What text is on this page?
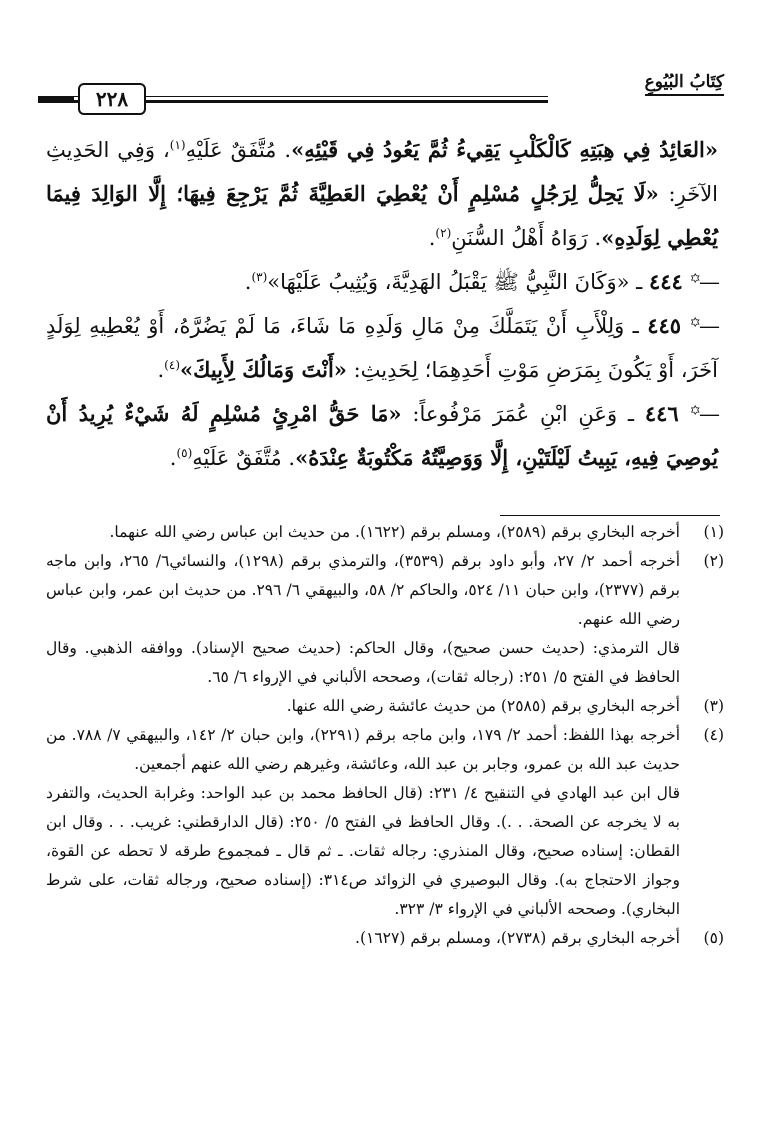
كِتَابُ البُيُوعِ
٢٢٨

«العَائِدُ فِي هِبَتِهِ كَالْكَلْبِ يَقِيءُ ثُمَّ يَعُودُ فِي قَيْئِهِ». مُتَّفَقٌ عَلَيْهِ$^{(١)}$، وَفِي الحَدِيثِ الآخَرِ: «لَا يَحِلُّ لِرَجُلٍ مُسْلِمٍ أَنْ يُعْطِيَ العَطِيَّةَ ثُمَّ يَرْجِعَ فِيهَا؛ إِلَّا الوَالِدَ فِيمَا يُعْطِي لِوَلَدِهِ». رَوَاهُ أَهْلُ السُّنَنِ$^{(٢)}$.

—꙳ ٤٤٤ ـ «وَكَانَ النَّبِيُّ ﷺ يَقْبَلُ الهَدِيَّةَ، وَيُثِيبُ عَلَيْهَا»$^{(٣)}$.

—꙳ ٤٤٥ ـ وَلِلْأَبِ أَنْ يَتَمَلَّكَ مِنْ مَالِ وَلَدِهِ مَا شَاءَ، مَا لَمْ يَضُرَّهُ، أَوْ يُعْطِيهِ لِوَلَدٍ آخَرَ، أَوْ يَكُونَ بِمَرَضِ مَوْتِ أَحَدِهِمَا؛ لِحَدِيثِ: «أَنْتَ وَمَالُكَ لِأَبِيكَ»$^{(٤)}$.

—꙳ ٤٤٦ ـ وَعَنِ ابْنِ عُمَرَ مَرْفُوعاً: «مَا حَقُّ امْرِئٍ مُسْلِمٍ لَهُ شَيْءٌ يُرِيدُ أَنْ يُوصِيَ فِيهِ، يَبِيتُ لَيْلَتَيْنِ، إِلَّا وَوَصِيَّتُهُ مَكْتُوبَةٌ عِنْدَهُ». مُتَّفَقٌ عَلَيْهِ$^{(٥)}$.

(١)

أخرجه البخاري برقم (٢٥٨٩)، ومسلم برقم (١٦٢٢). من حديث ابن عباس رضي الله عنهما.

(٢)

أخرجه أحمد ٢/ ٢٧، وأبو داود برقم (٣٥٣٩)، والترمذي برقم (١٢٩٨)، والنسائي٦/ ٢٦٥، وابن ماجه برقم (٢٣٧٧)، وابن حبان ١١/ ٥٢٤، والحاكم ٢/ ٥٨، والبيهقي ٦/ ٢٩٦. من حديث ابن عمر، وابن عباس رضي الله عنهم.

قال الترمذي: (حديث حسن صحيح)، وقال الحاكم: (حديث صحيح الإسناد). ووافقه الذهبي. وقال الحافظ في الفتح ٥/ ٢٥١: (رجاله ثقات)، وصححه الألباني في الإرواء ٦/ ٦٥.

(٣)

أخرجه البخاري برقم (٢٥٨٥) من حديث عائشة رضي الله عنها.

(٤)

أخرجه بهذا اللفظ: أحمد ٢/ ١٧٩، وابن ماجه برقم (٢٢٩١)، وابن حبان ٢/ ١٤٢، والبيهقي ٧/ ٧٨٨. من حديث عبد الله بن عمرو، وجابر بن عبد الله، وعائشة، وغيرهم رضي الله عنهم أجمعين.

قال ابن عبد الهادي في التنقيح ٤/ ٢٣١: (قال الحافظ محمد بن عبد الواحد: وغرابة الحديث، والتفرد به لا يخرجه عن الصحة. . .). وقال الحافظ في الفتح ٥/ ٢٥٠: (قال الدارقطني: غريب. . . وقال ابن القطان: إسناده صحيح، وقال المنذري: رجاله ثقات. ـ ثم قال ـ فمجموع طرقه لا تحطه عن القوة، وجواز الاحتجاج به). وقال البوصيري في الزوائد ص٣١٤: (إسناده صحيح، ورجاله ثقات، على شرط البخاري). وصححه الألباني في الإرواء ٣/ ٣٢٣.

(٥)

أخرجه البخاري برقم (٢٧٣٨)، ومسلم برقم (١٦٢٧).
